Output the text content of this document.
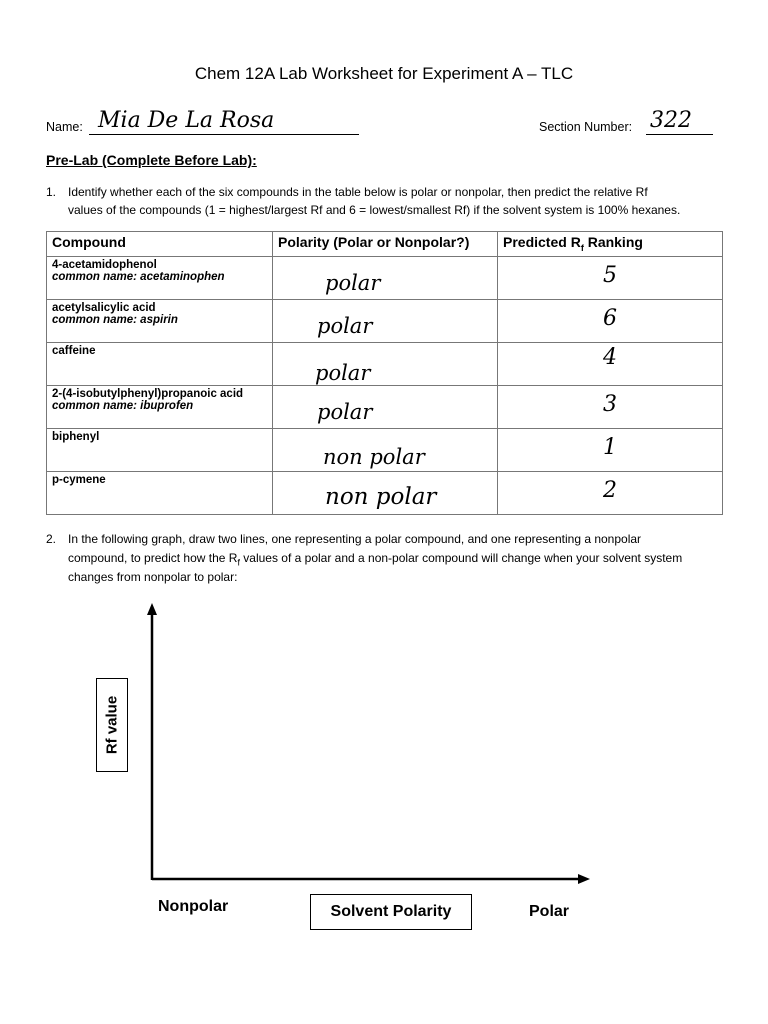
Chem 12A Lab Worksheet for Experiment A – TLC
Name: Mia De La Rosa	Section Number: 322
Pre-Lab (Complete Before Lab):
1. Identify whether each of the six compounds in the table below is polar or nonpolar, then predict the relative Rf
values of the compounds (1 = highest/largest Rf and 6 = lowest/smallest Rf) if the solvent system is 100% hexanes.
Compound	Polarity (Polar or Nonpolar?)	Predicted $R_f$ Ranking

4-acetamidophenol
common name: acetaminophen	polar	5

acetylsalicylic acid
common name: aspirin	polar	6

caffeine	polar	4

2-(4-isobutylphenyl)propanoic acid
common name: ibuprofen	polar	3

biphenyl	non polar	1

p-cymene	non polar	2
2. In the following graph, draw two lines, one representing a polar compound, and one representing a nonpolar
compound, to predict how the $R_f$ values of a polar and a non-polar compound will change when your solvent system
changes from nonpolar to polar:
Rf value
Nonpolar	Solvent Polarity	Polar
